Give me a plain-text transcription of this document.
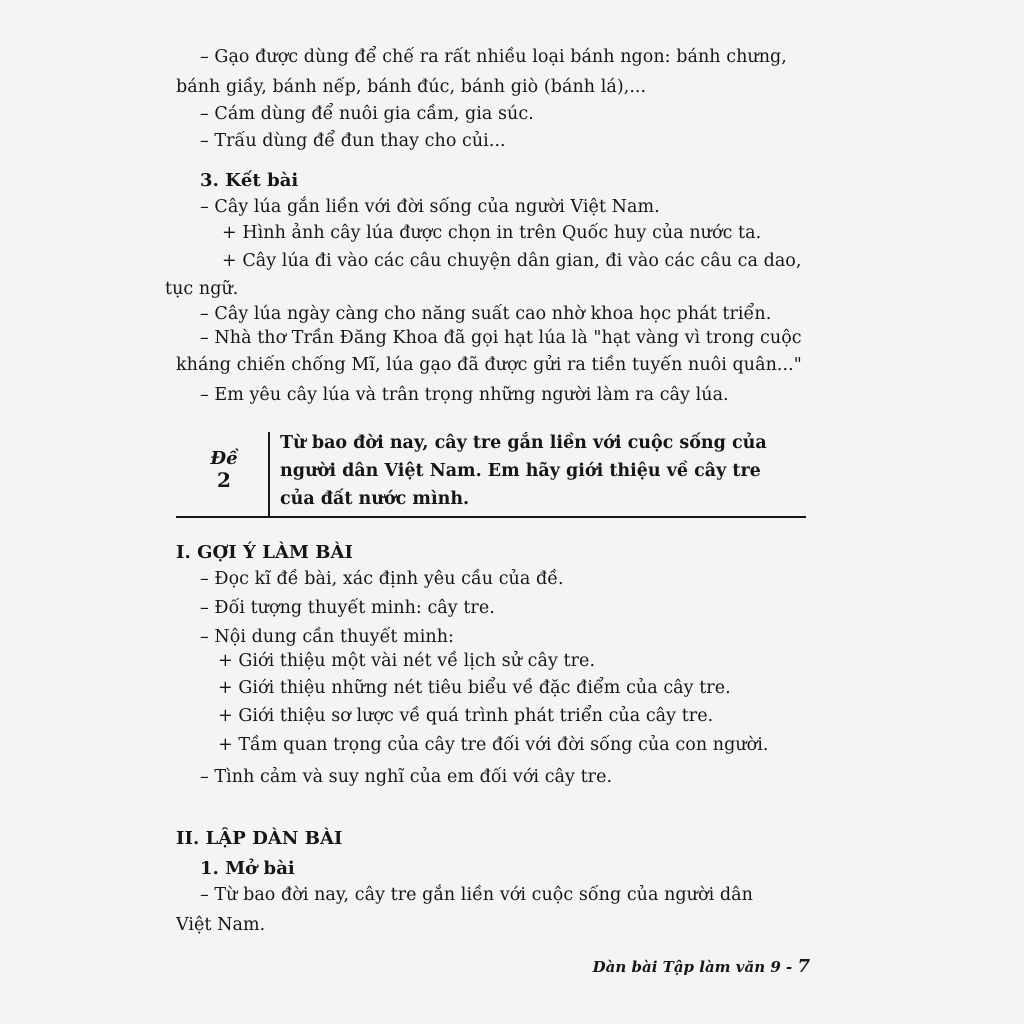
– Gạo được dùng để chế ra rất nhiều loại bánh ngon: bánh chưng,
bánh giầy, bánh nếp, bánh đúc, bánh giò (bánh lá),...
– Cám dùng để nuôi gia cầm, gia súc.
– Trấu dùng để đun thay cho củi...
3. Kết bài
– Cây lúa gắn liền với đời sống của người Việt Nam.
+ Hình ảnh cây lúa được chọn in trên Quốc huy của nước ta.
+ Cây lúa đi vào các câu chuyện dân gian, đi vào các câu ca dao,
tục ngữ.
– Cây lúa ngày càng cho năng suất cao nhờ khoa học phát triển.
– Nhà thơ Trần Đăng Khoa đã gọi hạt lúa là "hạt vàng vì trong cuộc
kháng chiến chống Mĩ, lúa gạo đã được gửi ra tiền tuyến nuôi quân..."
– Em yêu cây lúa và trân trọng những người làm ra cây lúa.
Đề
2
Từ bao đời nay, cây tre gắn liền với cuộc sống của
người dân Việt Nam. Em hãy giới thiệu về cây tre
của đất nước mình.
I. GỢI Ý LÀM BÀI
– Đọc kĩ đề bài, xác định yêu cầu của đề.
– Đối tượng thuyết minh: cây tre.
– Nội dung cần thuyết minh:
+ Giới thiệu một vài nét về lịch sử cây tre.
+ Giới thiệu những nét tiêu biểu về đặc điểm của cây tre.
+ Giới thiệu sơ lược về quá trình phát triển của cây tre.
+ Tầm quan trọng của cây tre đối với đời sống của con người.
– Tình cảm và suy nghĩ của em đối với cây tre.
II. LẬP DÀN BÀI
1. Mở bài
– Từ bao đời nay, cây tre gắn liền với cuộc sống của người dân
Việt Nam.
Dàn bài Tập làm văn 9 - 7
